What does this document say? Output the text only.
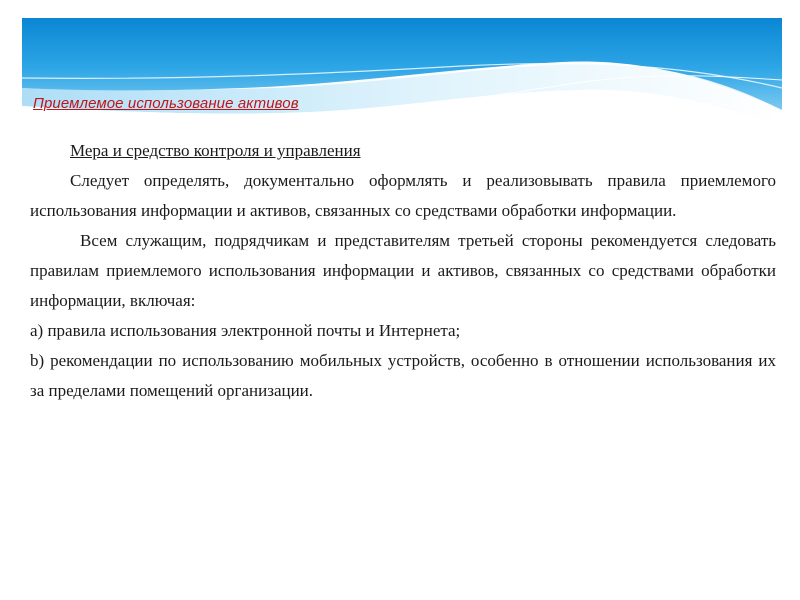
Приемлемое использование активов

Мера и средство контроля и управления

Следует определять, документально оформлять и реализовывать правила приемлемого использования информации и активов, связанных со средствами обработки информации.

Всем служащим, подрядчикам и представителям третьей стороны рекомендуется следовать правилам приемлемого использования информации и активов, связанных со средствами обработки информации, включая:

а) правила использования электронной почты и Интернета;

b) рекомендации по использованию мобильных устройств, особенно в отношении использования их за пределами помещений организации.
